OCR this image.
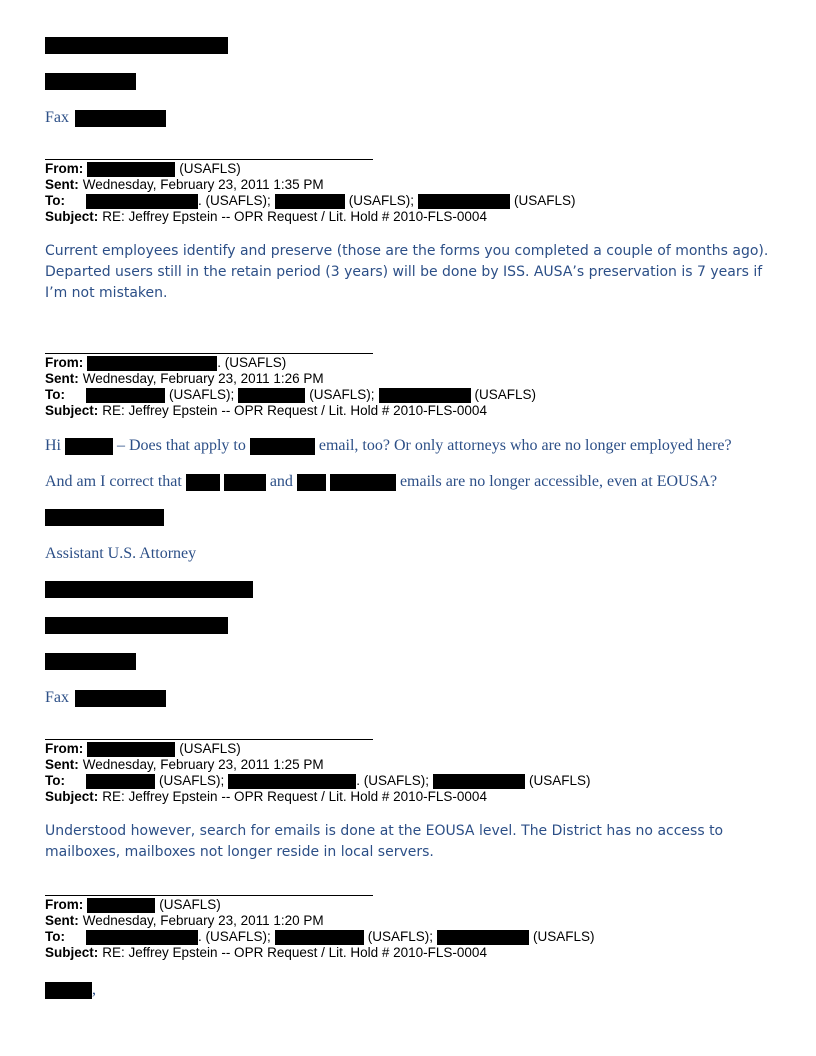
Fax
From:	(USAFLS)
Sent: Wednesday, February 23, 2011 1:35 PM
To:	. (USAFLS);	(USAFLS);	(USAFLS)
Subject: RE: Jeffrey Epstein -- OPR Request / Lit. Hold # 2010-FLS-0004
Current employees identify and preserve (those are the forms you completed a couple of months ago). Departed users still in the retain period (3 years) will be done by ISS. AUSA’s preservation is 7 years if I’m not mistaken.
From:	. (USAFLS)
Sent: Wednesday, February 23, 2011 1:26 PM
To:	(USAFLS);	(USAFLS);	(USAFLS)
Subject: RE: Jeffrey Epstein -- OPR Request / Lit. Hold # 2010-FLS-0004
Hi	– Does that apply to	email, too? Or only attorneys who are no longer employed here?
And am I correct that	and	emails are no longer accessible, even at EOUSA?
Assistant U.S. Attorney
Fax
From:	(USAFLS)
Sent: Wednesday, February 23, 2011 1:25 PM
To:	(USAFLS);	. (USAFLS);	(USAFLS)
Subject: RE: Jeffrey Epstein -- OPR Request / Lit. Hold # 2010-FLS-0004
Understood however, search for emails is done at the EOUSA level. The District has no access to mailboxes, mailboxes not longer reside in local servers.
From:	(USAFLS)
Sent: Wednesday, February 23, 2011 1:20 PM
To:	. (USAFLS);	(USAFLS);	(USAFLS)
Subject: RE: Jeffrey Epstein -- OPR Request / Lit. Hold # 2010-FLS-0004
,
